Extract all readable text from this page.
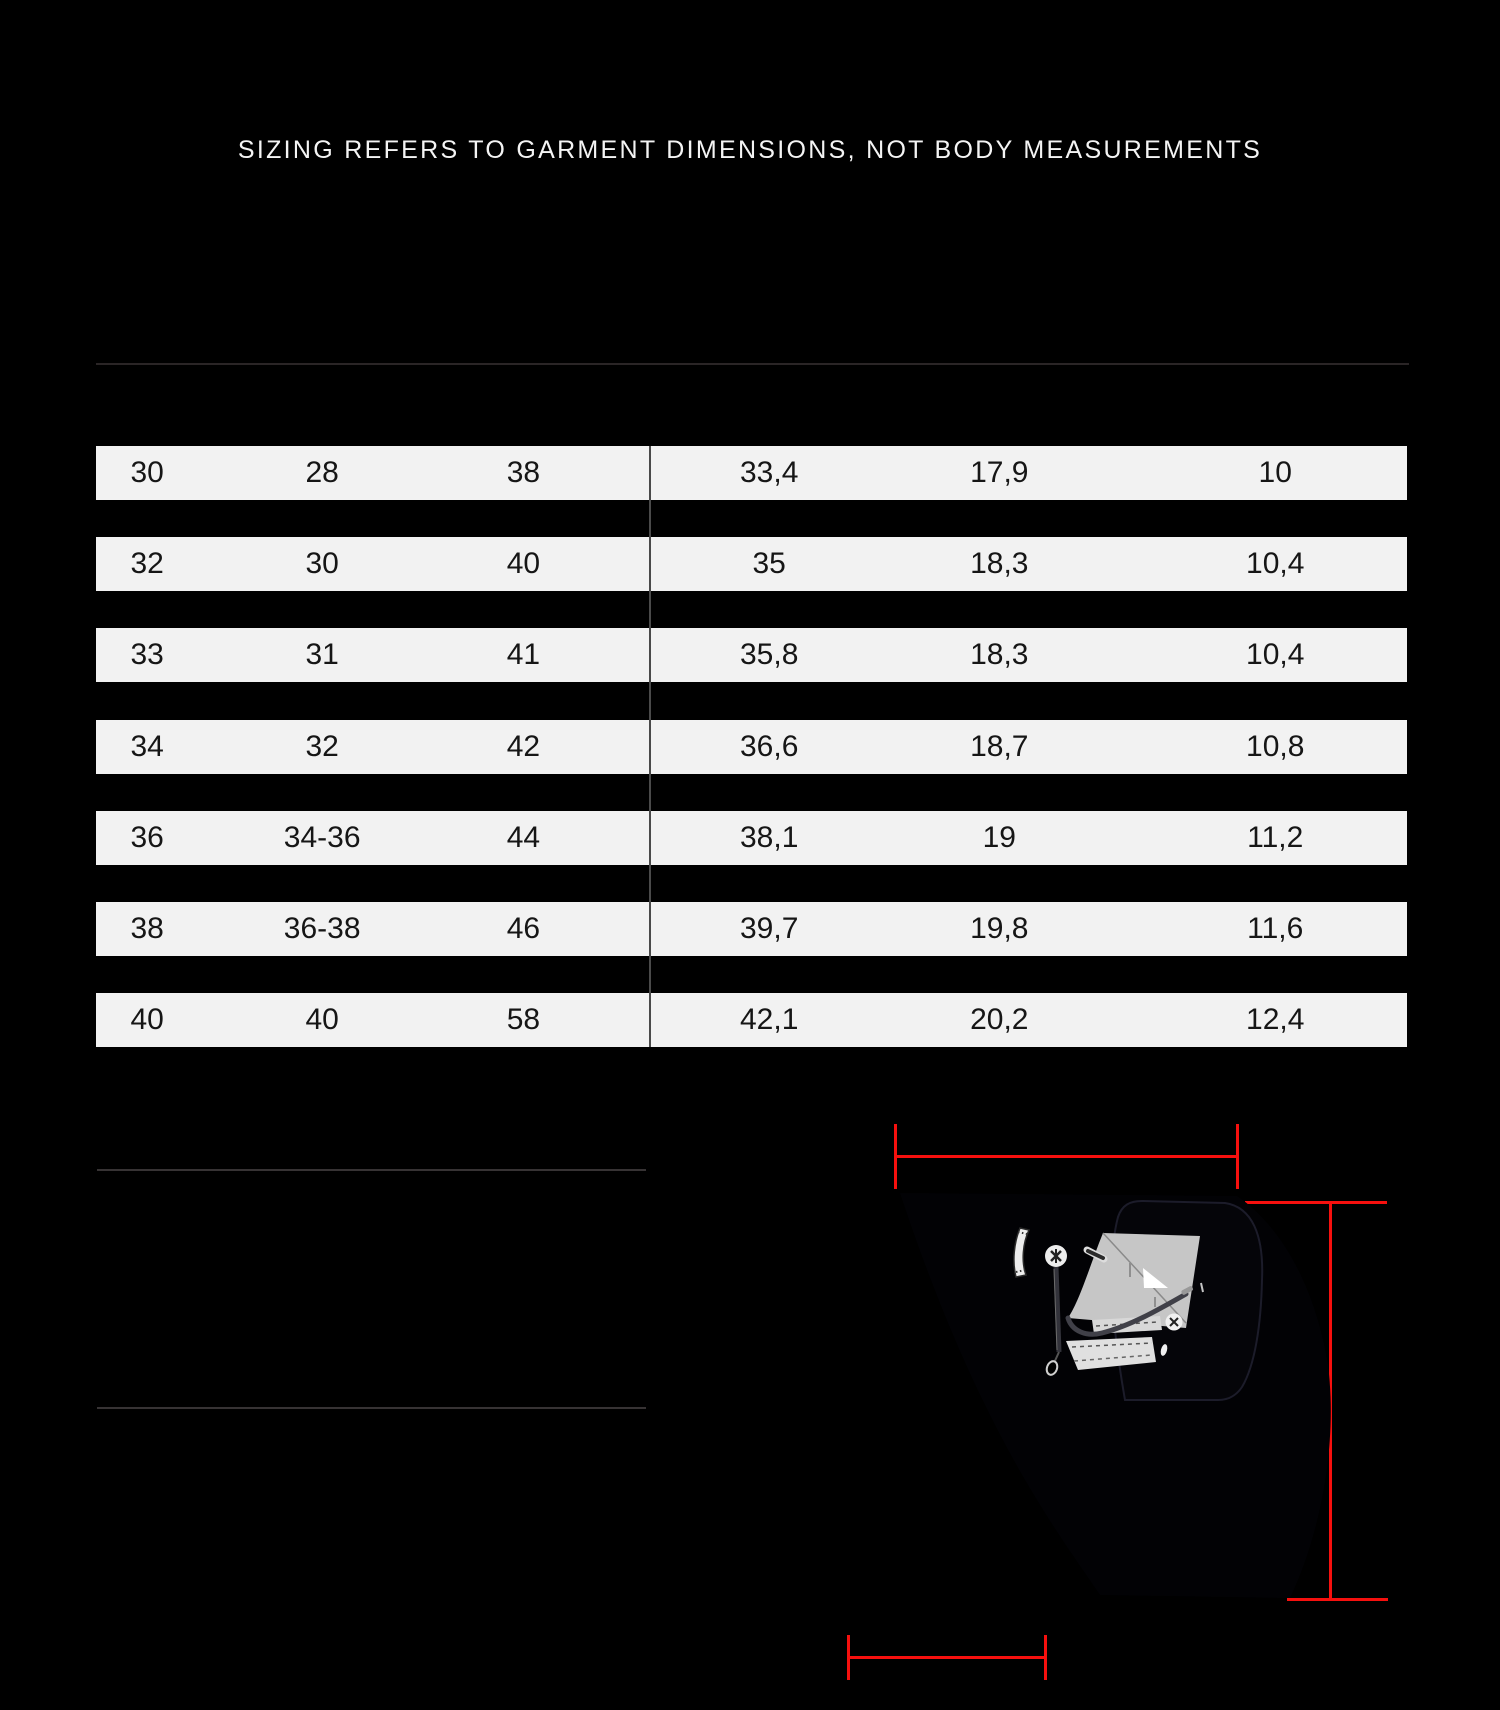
SIZING REFERS TO GARMENT DIMENSIONS, NOT BODY MEASUREMENTS
30	28	38	33,4	17,9	10
32	30	40	35	18,3	10,4
33	31	41	35,8	18,3	10,4
34	32	42	36,6	18,7	10,8
36	34-36	44	38,1	19	11,2
38	36-38	46	39,7	19,8	11,6
40	40	58	42,1	20,2	12,4
